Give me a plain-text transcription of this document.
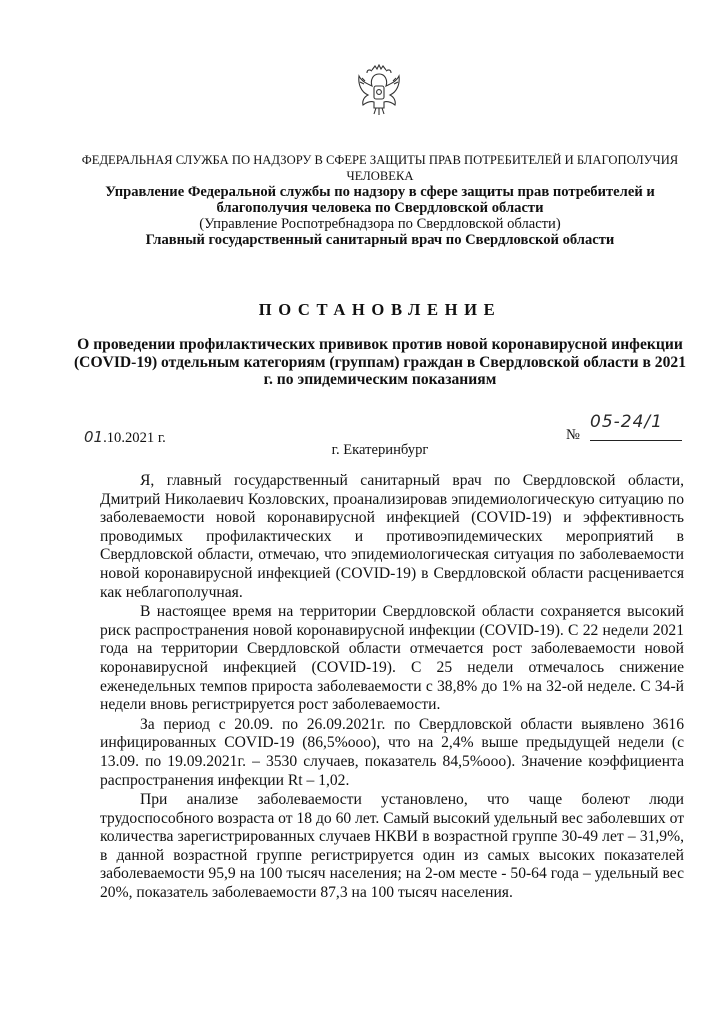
ФЕДЕРАЛЬНАЯ СЛУЖБА ПО НАДЗОРУ В СФЕРЕ ЗАЩИТЫ ПРАВ ПОТРЕБИТЕЛЕЙ И БЛАГОПОЛУЧИЯ ЧЕЛОВЕКА
Управление Федеральной службы по надзору в сфере защиты прав потребителей и благополучия человека по Свердловской области
(Управление Роспотребнадзора по Свердловской области)
Главный государственный санитарный врач по Свердловской области
ПОСТАНОВЛЕНИЕ
О проведении профилактических прививок против новой коронавирусной инфекции (COVID-19) отдельным категориям (группам) граждан в Свердловской области в 2021 г. по эпидемическим показаниям
01.10.2021 г.	№
05-24/1
г. Екатеринбург

Я, главный государственный санитарный врач по Свердловской области, Дмитрий Николаевич Козловских, проанализировав эпидемиологическую ситуацию по заболеваемости новой коронавирусной инфекцией (COVID-19) и эффективность проводимых профилактических и противоэпидемических мероприятий в Свердловской области, отмечаю, что эпидемиологическая ситуация по заболеваемости новой коронавирусной инфекцией (COVID-19) в Свердловской области расценивается как неблагополучная.

В настоящее время на территории Свердловской области сохраняется высокий риск распространения новой коронавирусной инфекции (COVID-19). С 22 недели 2021 года на территории Свердловской области отмечается рост заболеваемости новой коронавирусной инфекцией (COVID-19). С 25 недели отмечалось снижение еженедельных темпов прироста заболеваемости с 38,8% до 1% на 32-ой неделе. С 34-й недели вновь регистрируется рост заболеваемости.

За период с 20.09. по 26.09.2021г. по Свердловской области выявлено 3616 инфицированных COVID-19 (86,5%ооо), что на 2,4% выше предыдущей недели (с 13.09. по 19.09.2021г. – 3530 случаев, показатель 84,5%ооо). Значение коэффициента распространения инфекции Rt – 1,02.

При анализе заболеваемости установлено, что чаще болеют люди трудоспособного возраста от 18 до 60 лет. Самый высокий удельный вес заболевших от количества зарегистрированных случаев НКВИ в возрастной группе 30-49 лет – 31,9%, в данной возрастной группе регистрируется один из самых высоких показателей заболеваемости 95,9 на 100 тысяч населения; на 2-ом месте - 50-64 года – удельный вес 20%, показатель заболеваемости 87,3 на 100 тысяч населения.
